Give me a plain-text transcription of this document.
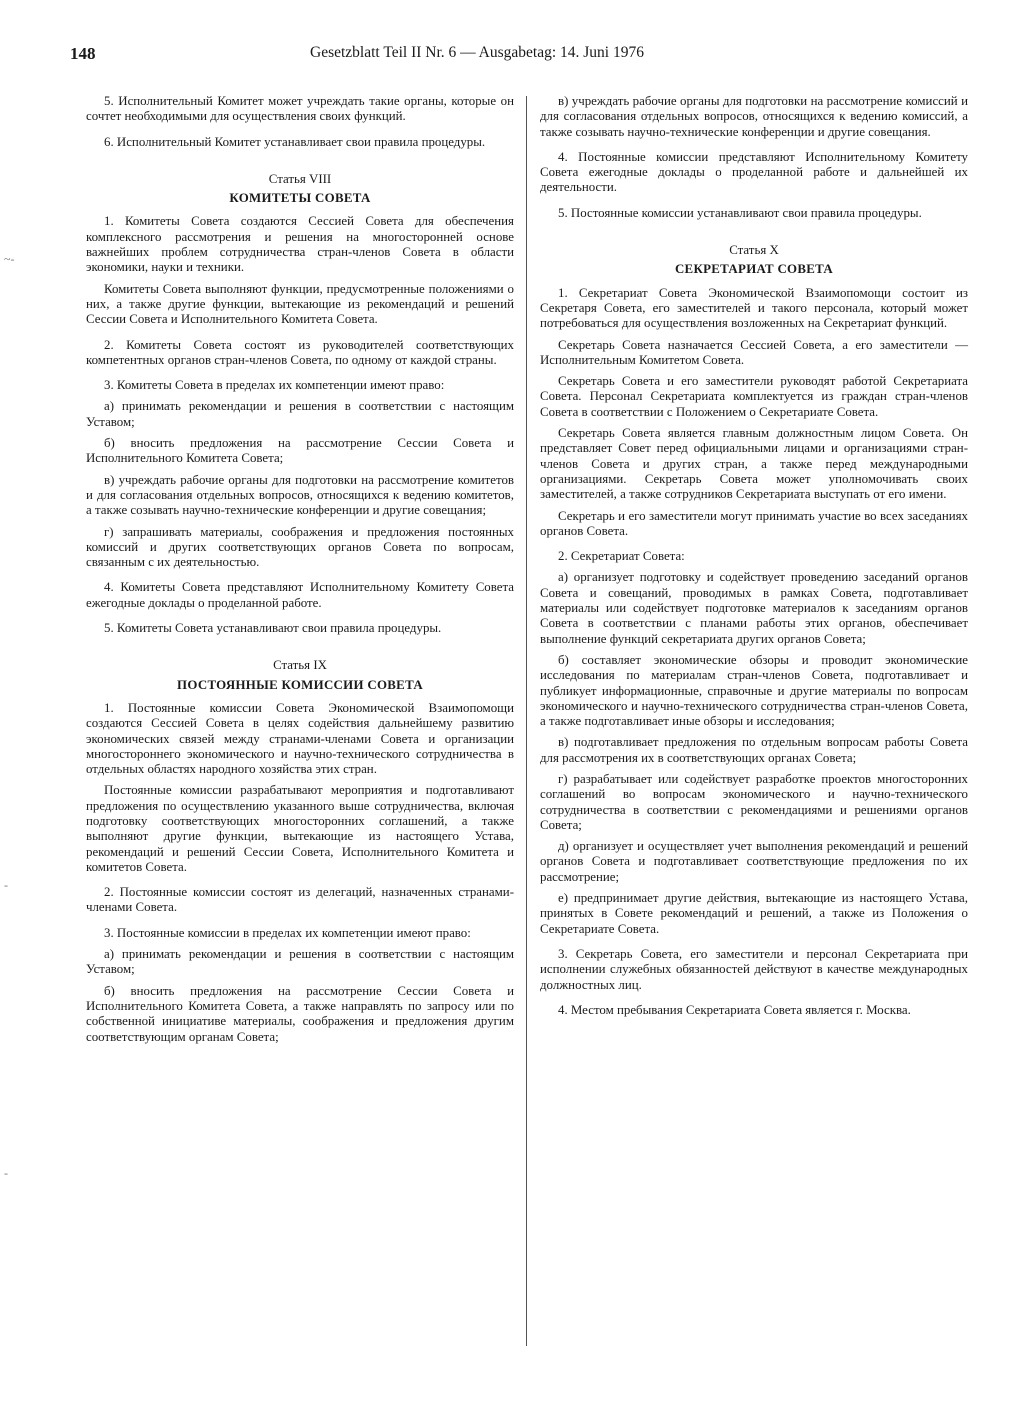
148	Gesetzblatt Teil II Nr. 6 — Ausgabetag: 14. Juni 1976
~-
-
-

5. Исполнительный Комитет может учреждать такие органы, которые он сочтет необходимыми для осуществления своих функций.

6. Исполнительный Комитет устанавливает свои правила процедуры.

Статья VIII
КОМИТЕТЫ СОВЕТА

1. Комитеты Совета создаются Сессией Совета для обеспечения комплексного рассмотрения и решения на многосторонней основе важнейших проблем сотрудничества стран-членов Совета в области экономики, науки и техники.

Комитеты Совета выполняют функции, предусмотренные положениями о них, а также другие функции, вытекающие из рекомендаций и решений Сессии Совета и Исполнительного Комитета Совета.

2. Комитеты Совета состоят из руководителей соответствующих компетентных органов стран-членов Совета, по одному от каждой страны.

3. Комитеты Совета в пределах их компетенции имеют право:

а) принимать рекомендации и решения в соответствии с настоящим Уставом;

б) вносить предложения на рассмотрение Сессии Совета и Исполнительного Комитета Совета;

в) учреждать рабочие органы для подготовки на рассмотрение комитетов и для согласования отдельных вопросов, относящихся к ведению комитетов, а также созывать научно-технические конференции и другие совещания;

г) запрашивать материалы, соображения и предложения постоянных комиссий и других соответствующих органов Совета по вопросам, связанным с их деятельностью.

4. Комитеты Совета представляют Исполнительному Комитету Совета ежегодные доклады о проделанной работе.

5. Комитеты Совета устанавливают свои правила процедуры.

Статья IX
ПОСТОЯННЫЕ КОМИССИИ СОВЕТА

1. Постоянные комиссии Совета Экономической Взаимопомощи создаются Сессией Совета в целях содействия дальнейшему развитию экономических связей между странами-членами Совета и организации многостороннего экономического и научно-технического сотрудничества в отдельных областях народного хозяйства этих стран.

Постоянные комиссии разрабатывают мероприятия и подготавливают предложения по осуществлению указанного выше сотрудничества, включая подготовку соответствующих многосторонних соглашений, а также выполняют другие функции, вытекающие из настоящего Устава, рекомендаций и решений Сессии Совета, Исполнительного Комитета и комитетов Совета.

2. Постоянные комиссии состоят из делегаций, назначенных странами-членами Совета.

3. Постоянные комиссии в пределах их компетенции имеют право:

а) принимать рекомендации и решения в соответствии с настоящим Уставом;

б) вносить предложения на рассмотрение Сессии Совета и Исполнительного Комитета Совета, а также направлять по запросу или по собственной инициативе материалы, соображения и предложения другим соответствующим органам Совета;

в) учреждать рабочие органы для подготовки на рассмотрение комиссий и для согласования отдельных вопросов, относящихся к ведению комиссий, а также созывать научно-технические конференции и другие совещания.

4. Постоянные комиссии представляют Исполнительному Комитету Совета ежегодные доклады о проделанной работе и дальнейшей их деятельности.

5. Постоянные комиссии устанавливают свои правила процедуры.

Статья X
СЕКРЕТАРИАТ СОВЕТА

1. Секретариат Совета Экономической Взаимопомощи состоит из Секретаря Совета, его заместителей и такого персонала, который может потребоваться для осуществления возложенных на Секретариат функций.

Секретарь Совета назначается Сессией Совета, а его заместители — Исполнительным Комитетом Совета.

Секретарь Совета и его заместители руководят работой Секретариата Совета. Персонал Секретариата комплектуется из граждан стран-членов Совета в соответствии с Положением о Секретариате Совета.

Секретарь Совета является главным должностным лицом Совета. Он представляет Совет перед официальными лицами и организациями стран-членов Совета и других стран, а также перед международными организациями. Секретарь Совета может уполномочивать своих заместителей, а также сотрудников Секретариата выступать от его имени.

Секретарь и его заместители могут принимать участие во всех заседаниях органов Совета.

2. Секретариат Совета:

а) организует подготовку и содействует проведению заседаний органов Совета и совещаний, проводимых в рамках Совета, подготавливает материалы или содействует подготовке материалов к заседаниям органов Совета в соответствии с планами работы этих органов, обеспечивает выполнение функций секретариата других органов Совета;

б) составляет экономические обзоры и проводит экономические исследования по материалам стран-членов Совета, подготавливает и публикует информационные, справочные и другие материалы по вопросам экономического и научно-технического сотрудничества стран-членов Совета, а также подготавливает иные обзоры и исследования;

в) подготавливает предложения по отдельным вопросам работы Совета для рассмотрения их в соответствующих органах Совета;

г) разрабатывает или содействует разработке проектов многосторонних соглашений во вопросам экономического и научно-технического сотрудничества в соответствии с рекомендациями и решениями органов Совета;

д) организует и осуществляет учет выполнения рекомендаций и решений органов Совета и подготавливает соответствующие предложения по их рассмотрение;

е) предпринимает другие действия, вытекающие из настоящего Устава, принятых в Совете рекомендаций и решений, а также из Положения о Секретариате Совета.

3. Секретарь Совета, его заместители и персонал Секретариата при исполнении служебных обязанностей действуют в качестве международных должностных лиц.

4. Местом пребывания Секретариата Совета является г. Москва.
